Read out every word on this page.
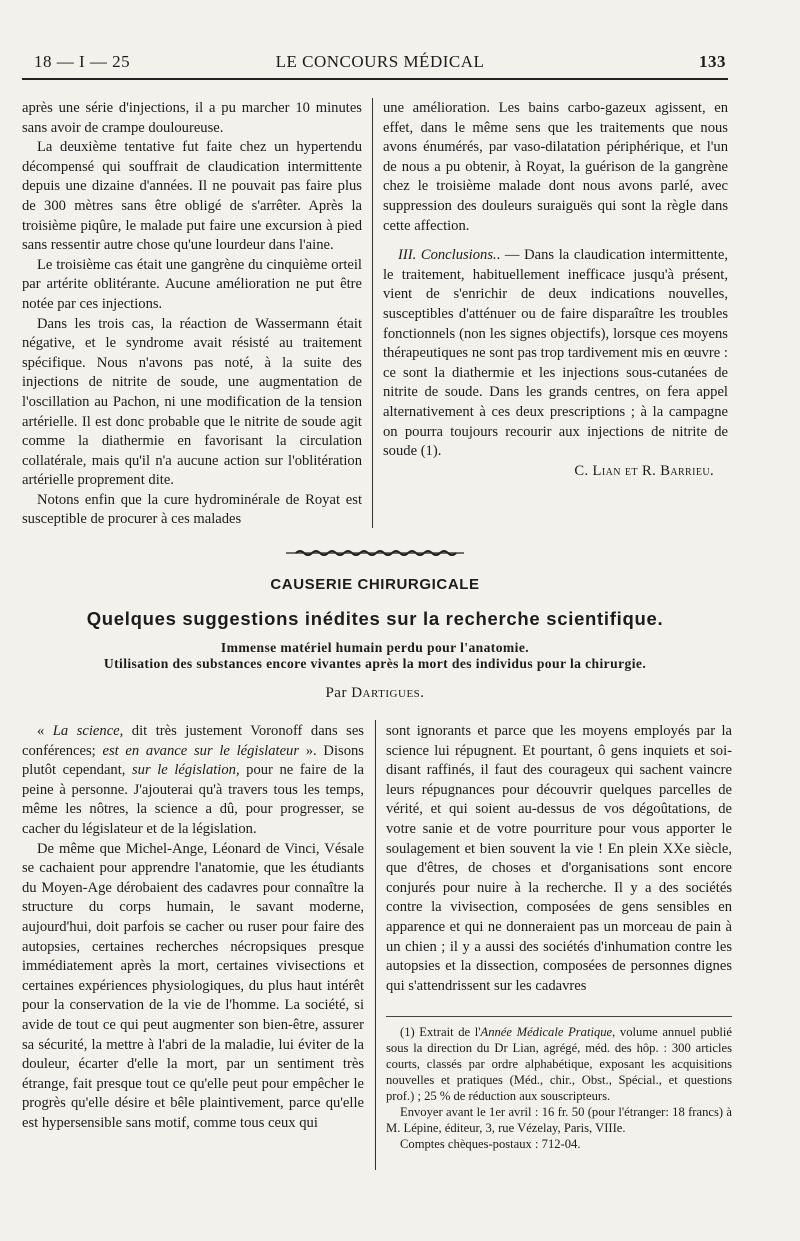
18 — I — 25	LE CONCOURS MÉDICAL	133

après une série d'injections, il a pu marcher 10 minutes sans avoir de crampe douloureuse.

La deuxième tentative fut faite chez un hypertendu décompensé qui souffrait de claudication intermittente depuis une dizaine d'années. Il ne pouvait pas faire plus de 300 mètres sans être obligé de s'arrêter. Après la troisième piqûre, le malade put faire une excursion à pied sans ressentir autre chose qu'une lourdeur dans l'aine.

Le troisième cas était une gangrène du cinquième orteil par artérite oblitérante. Aucune amélioration ne put être notée par ces injections.

Dans les trois cas, la réaction de Wassermann était négative, et le syndrome avait résisté au traitement spécifique. Nous n'avons pas noté, à la suite des injections de nitrite de soude, une augmentation de l'oscillation au Pachon, ni une modification de la tension artérielle. Il est donc probable que le nitrite de soude agit comme la diathermie en favorisant la circulation collatérale, mais qu'il n'a aucune action sur l'oblitération artérielle proprement dite.

Notons enfin que la cure hydrominérale de Royat est susceptible de procurer à ces malades

une amélioration. Les bains carbo-gazeux agissent, en effet, dans le même sens que les traitements que nous avons énumérés, par vaso-dilatation périphérique, et l'un de nous a pu obtenir, à Royat, la guérison de la gangrène chez le troisième malade dont nous avons parlé, avec suppression des douleurs suraiguës qui sont la règle dans cette affection.

III. Conclusions.. — Dans la claudication intermittente, le traitement, habituellement inefficace jusqu'à présent, vient de s'enrichir de deux indications nouvelles, susceptibles d'atténuer ou de faire disparaître les troubles fonctionnels (non les signes objectifs), lorsque ces moyens thérapeutiques ne sont pas trop tardivement mis en œuvre : ce sont la diathermie et les injections sous-cutanées de nitrite de soude. Dans les grands centres, on fera appel alternativement à ces deux prescriptions ; à la campagne on pourra toujours recourir aux injections de nitrite de soude (1).

C. Lian et R. Barrieu.

CAUSERIE CHIRURGICALE
Quelques suggestions inédites sur la recherche scientifique.
Immense matériel humain perdu pour l'anatomie.
Utilisation des substances encore vivantes après la mort des individus pour la chirurgie.
Par Dartigues.

« La science, dit très justement Voronoff dans ses conférences; est en avance sur le législateur ». Disons plutôt cependant, sur le législation, pour ne faire de la peine à personne. J'ajouterai qu'à travers tous les temps, même les nôtres, la science a dû, pour progresser, se cacher du législateur et de la législation.

De même que Michel-Ange, Léonard de Vinci, Vésale se cachaient pour apprendre l'anatomie, que les étudiants du Moyen-Age dérobaient des cadavres pour connaître la structure du corps humain, le savant moderne, aujourd'hui, doit parfois se cacher ou ruser pour faire des autopsies, certaines recherches nécropsiques presque immédiatement après la mort, certaines vivisections et certaines expériences physiologiques, du plus haut intérêt pour la conservation de la vie de l'homme. La société, si avide de tout ce qui peut augmenter son bien-être, assurer sa sécurité, la mettre à l'abri de la maladie, lui éviter de la douleur, écarter d'elle la mort, par un sentiment très étrange, fait presque tout ce qu'elle peut pour empêcher le progrès qu'elle désire et bêle plaintivement, parce qu'elle est hypersensible sans motif, comme tous ceux qui

sont ignorants et parce que les moyens employés par la science lui répugnent. Et pourtant, ô gens inquiets et soi-disant raffinés, il faut des courageux qui sachent vaincre leurs répugnances pour découvrir quelques parcelles de vérité, et qui soient au-dessus de vos dégoûtations, de votre sanie et de votre pourriture pour vous apporter le soulagement et bien souvent la vie ! En plein XXe siècle, que d'êtres, de choses et d'organisations sont encore conjurés pour nuire à la recherche. Il y a des sociétés contre la vivisection, composées de gens sensibles en apparence et qui ne donneraient pas un morceau de pain à un chien ; il y a aussi des sociétés d'inhumation contre les autopsies et la dissection, composées de personnes dignes qui s'attendrissent sur les cadavres

(1) Extrait de l'Année Médicale Pratique, volume annuel publié sous la direction du Dr Lian, agrégé, méd. des hôp. : 300 articles courts, classés par ordre alphabétique, exposant les acquisitions nouvelles et pratiques (Méd., chir., Obst., Spécial., et questions prof.) ; 25 % de réduction aux souscripteurs.

Envoyer avant le 1er avril : 16 fr. 50 (pour l'étranger: 18 francs) à M. Lépine, éditeur, 3, rue Vézelay, Paris, VIIIe.

Comptes chèques-postaux : 712-04.
